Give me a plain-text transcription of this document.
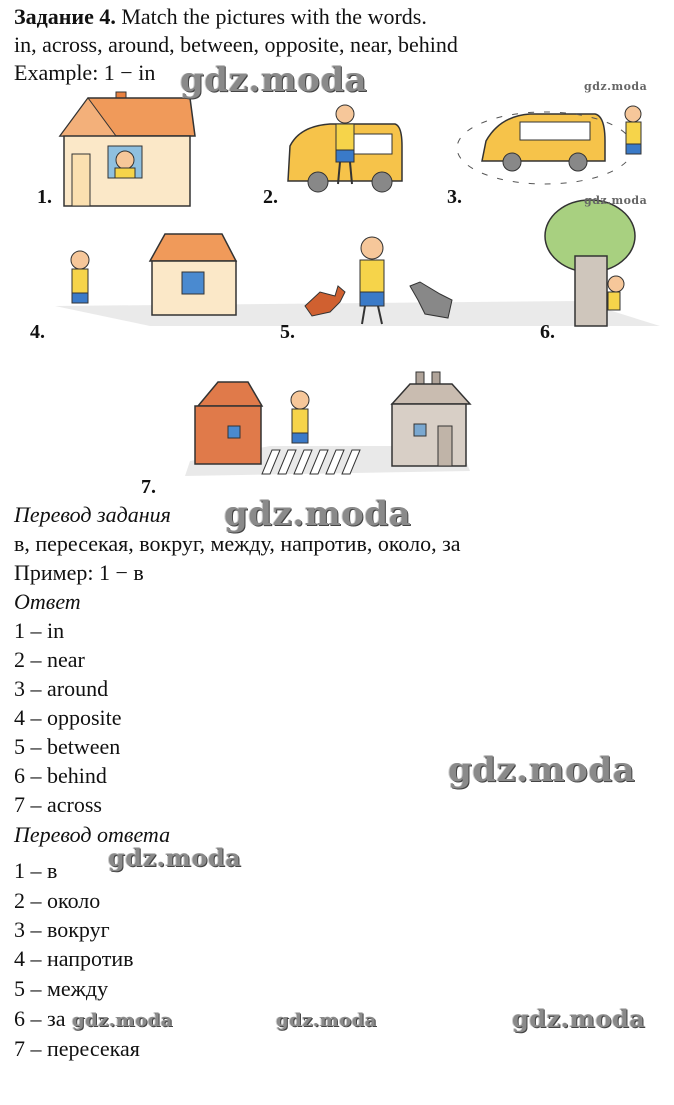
Задание 4. Match the pictures with the words.
in, across, around, between, opposite, near, behind
Example: 1 − in
1.	2.	3.
4.	5.	6.
7.
Перевод задания
в, пересекая, вокруг, между, напротив, около, за
Пример: 1 − в
Ответ
1 – in
2 – near
3 – around
4 – opposite
5 – between
6 – behind
7 – across
Перевод ответа
1 – в
2 – около
3 – вокруг
4 – напротив
5 – между
6 – за
7 – пересекая
gdz.moda	gdz.moda
gdz.moda
gdz.moda
gdz.moda
gdz.moda
gdz.moda	gdz.moda	gdz.moda
